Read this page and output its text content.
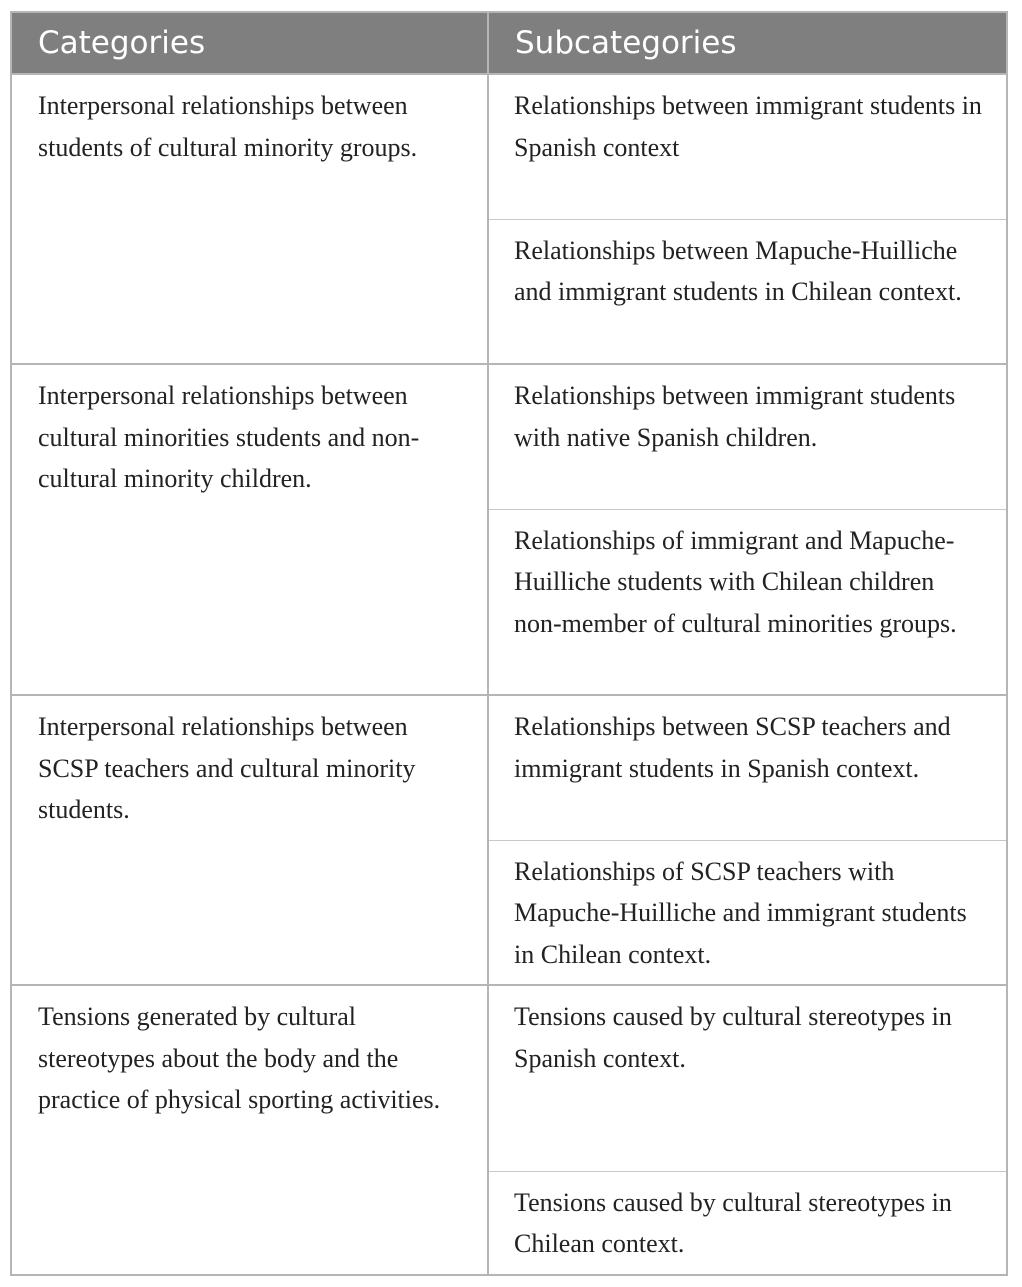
Categories	Subcategories
Interpersonal relationships between students of cultural minority groups.	Relationships between immigrant students in Spanish context
	Relationships between Mapuche-Huilliche and immigrant students in Chilean context.
Interpersonal relationships between cultural minorities students and non-cultural minority children.	Relationships between immigrant students with native Spanish children.
	Relationships of immigrant and Mapuche-Huilliche students with Chilean children non-member of cultural minorities groups.
Interpersonal relationships between SCSP teachers and cultural minority students.	Relationships between SCSP teachers and immigrant students in Spanish context.
	Relationships of SCSP teachers with Mapuche-Huilliche and immigrant students in Chilean context.
Tensions generated by cultural stereotypes about the body and the practice of physical sporting activities.	Tensions caused by cultural stereotypes in Spanish context.
	Tensions caused by cultural stereotypes in Chilean context.
